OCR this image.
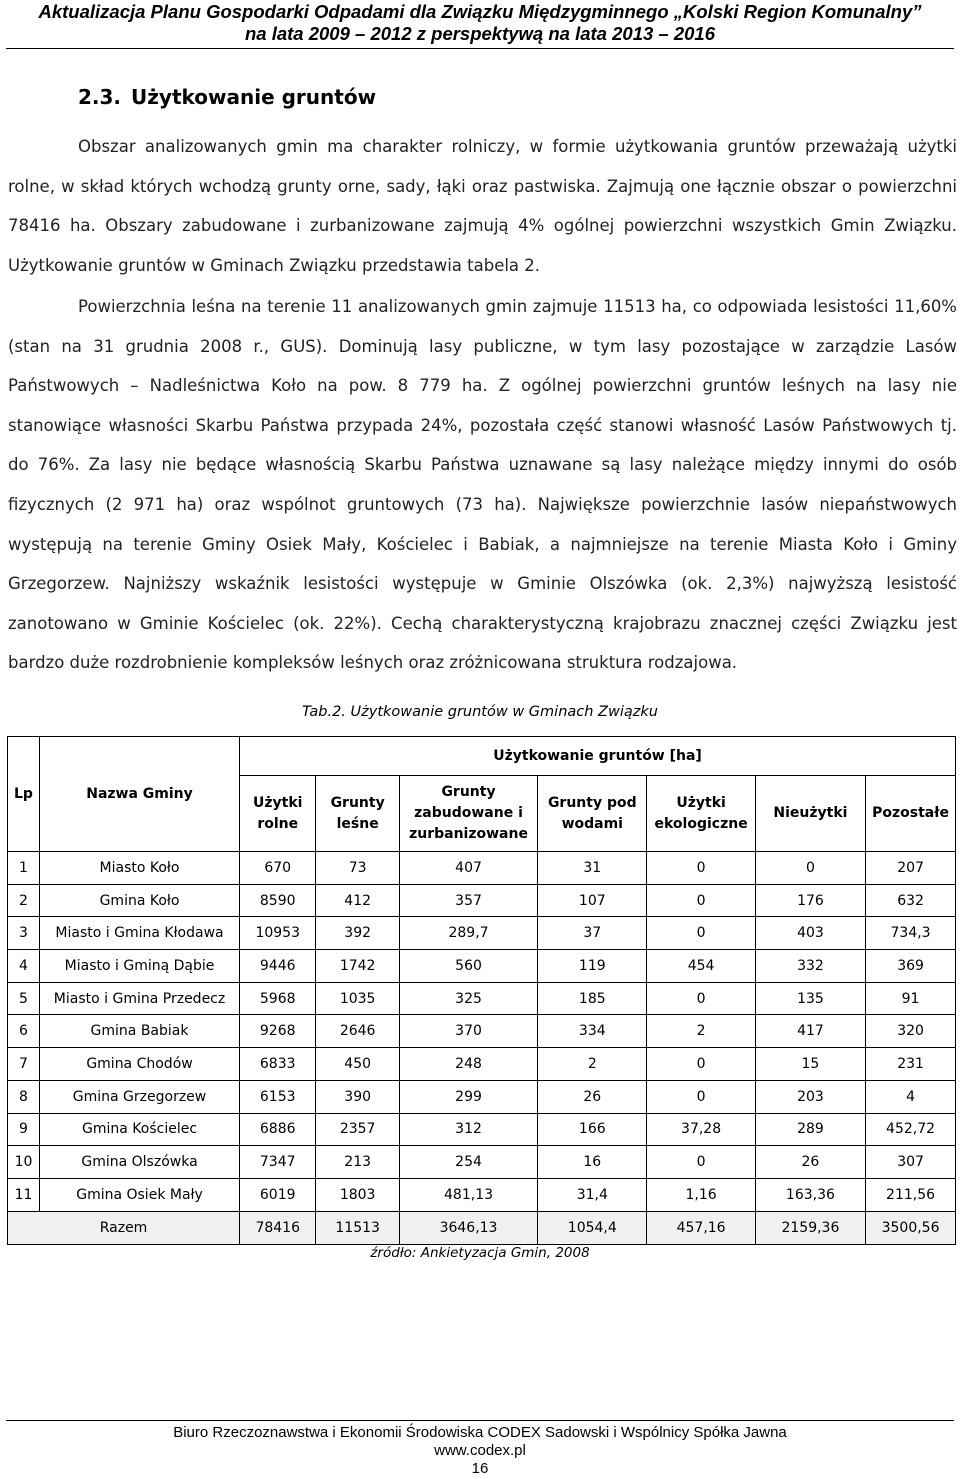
Aktualizacja Planu Gospodarki Odpadami dla Związku Międzygminnego „Kolski Region Komunalny”
na lata 2009 – 2012 z perspektywą na lata 2013 – 2016
2.3. Użytkowanie gruntów
Obszar analizowanych gmin ma charakter rolniczy, w formie użytkowania gruntów przeważają użytki rolne, w skład których wchodzą grunty orne, sady, łąki oraz pastwiska. Zajmują one łącznie obszar o powierzchni 78416 ha. Obszary zabudowane i zurbanizowane zajmują 4% ogólnej powierzchni wszystkich Gmin Związku. Użytkowanie gruntów w Gminach Związku przedstawia tabela 2.
Powierzchnia leśna na terenie 11 analizowanych gmin zajmuje 11513 ha, co odpowiada lesistości 11,60% (stan na 31 grudnia 2008 r., GUS). Dominują lasy publiczne, w tym lasy pozostające w zarządzie Lasów Państwowych – Nadleśnictwa Koło na pow. 8 779 ha. Z ogólnej powierzchni gruntów leśnych na lasy nie stanowiące własności Skarbu Państwa przypada 24%, pozostała część stanowi własność Lasów Państwowych tj. do 76%. Za lasy nie będące własnością Skarbu Państwa uznawane są lasy należące między innymi do osób fizycznych (2 971 ha) oraz wspólnot gruntowych (73 ha). Największe powierzchnie lasów niepaństwowych występują na terenie Gminy Osiek Mały, Kościelec i Babiak, a najmniejsze na terenie Miasta Koło i Gminy Grzegorzew. Najniższy wskaźnik lesistości występuje w Gminie Olszówka (ok. 2,3%) najwyższą lesistość zanotowano w Gminie Kościelec (ok. 22%). Cechą charakterystyczną krajobrazu znacznej części Związku jest bardzo duże rozdrobnienie kompleksów leśnych oraz zróżnicowana struktura rodzajowa.
Tab.2. Użytkowanie gruntów w Gminach Związku
Lp	Nazwa Gminy	Użytkowanie gruntów [ha]						
		Użytki rolne	Grunty leśne	Grunty zabudowane i zurbanizowane	Grunty pod wodami	Użytki ekologiczne	Nieużytki	Pozostałe
1	Miasto Koło	670	73	407	31	0	0	207
2	Gmina Koło	8590	412	357	107	0	176	632
3	Miasto i Gmina Kłodawa	10953	392	289,7	37	0	403	734,3
4	Miasto i Gminą Dąbie	9446	1742	560	119	454	332	369
5	Miasto i Gmina Przedecz	5968	1035	325	185	0	135	91
6	Gmina Babiak	9268	2646	370	334	2	417	320
7	Gmina Chodów	6833	450	248	2	0	15	231
8	Gmina Grzegorzew	6153	390	299	26	0	203	4
9	Gmina Kościelec	6886	2357	312	166	37,28	289	452,72
10	Gmina Olszówka	7347	213	254	16	0	26	307
11	Gmina Osiek Mały	6019	1803	481,13	31,4	1,16	163,36	211,56
Razem		78416	11513	3646,13	1054,4	457,16	2159,36	3500,56
źródło: Ankietyzacja Gmin, 2008
Biuro Rzeczoznawstwa i Ekonomii Środowiska CODEX Sadowski i Wspólnicy Spółka Jawna
www.codex.pl
16
